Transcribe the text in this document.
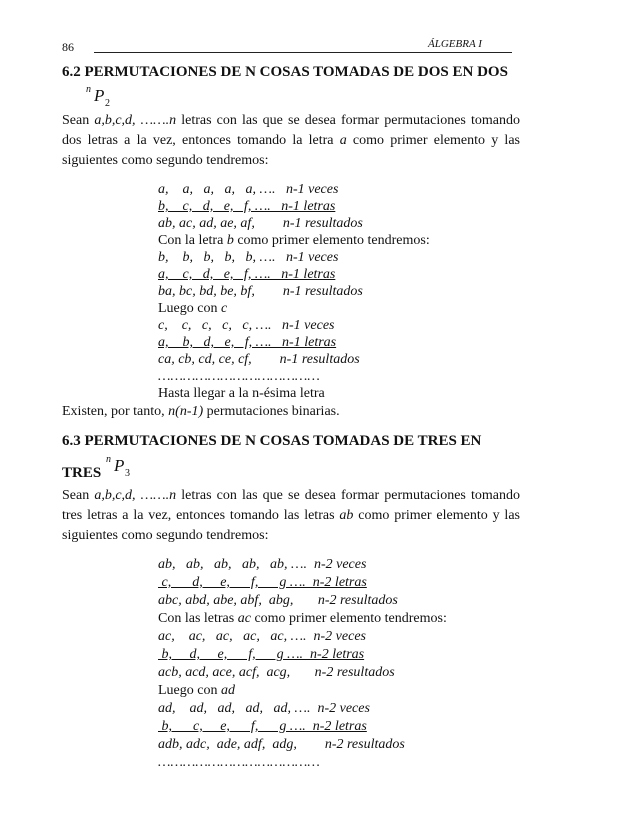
86	ÁLGEBRA I
6.2 PERMUTACIONES DE N COSAS TOMADAS DE DOS EN DOS
n P 2
Sean a,b,c,d, …….n letras con las que se desea formar permutaciones tomando dos letras a la vez, entonces tomando la letra a como primer elemento y las siguientes como segundo tendremos:
a,    a,   a,   a,   a, ….   n-1 veces
b,    c,   d,   e,   f, ….   n-1 letras
ab, ac, ad, ae, af,        n-1 resultados
Con la letra b como primer elemento tendremos:
b,    b,   b,   b,   b, ….   n-1 veces
a,    c,   d,   e,   f, ….   n-1 letras
ba, bc, bd, be, bf,        n-1 resultados
Luego con c
c,    c,   c,   c,   c, ….   n-1 veces
a,    b,   d,   e,   f, ….   n-1 letras
ca, cb, cd, ce, cf,        n-1 resultados
…………………………………
Hasta llegar a la n-ésima letra
Existen, por tanto, n(n-1) permutaciones binarias.
6.3 PERMUTACIONES DE N COSAS TOMADAS DE TRES EN
TRES
n P 3
Sean a,b,c,d, …….n letras con las que se desea formar permutaciones tomando tres letras a la vez, entonces tomando las letras ab como primer elemento y las siguientes como segundo tendremos:
ab,   ab,   ab,   ab,   ab, ….  n-2 veces
c,      d,     e,      f,      g ….  n-2 letras
abc, abd, abe, abf,  abg,       n-2 resultados
Con las letras ac como primer elemento tendremos:
ac,    ac,   ac,   ac,   ac, ….  n-2 veces
b,     d,     e,      f,      g ….  n-2 letras
acb, acd, ace, acf,  acg,       n-2 resultados
Luego con ad
ad,    ad,   ad,   ad,   ad, ….  n-2 veces
b,      c,     e,      f,      g ….  n-2 letras
adb, adc,  ade, adf,  adg,        n-2 resultados
…………………………………
